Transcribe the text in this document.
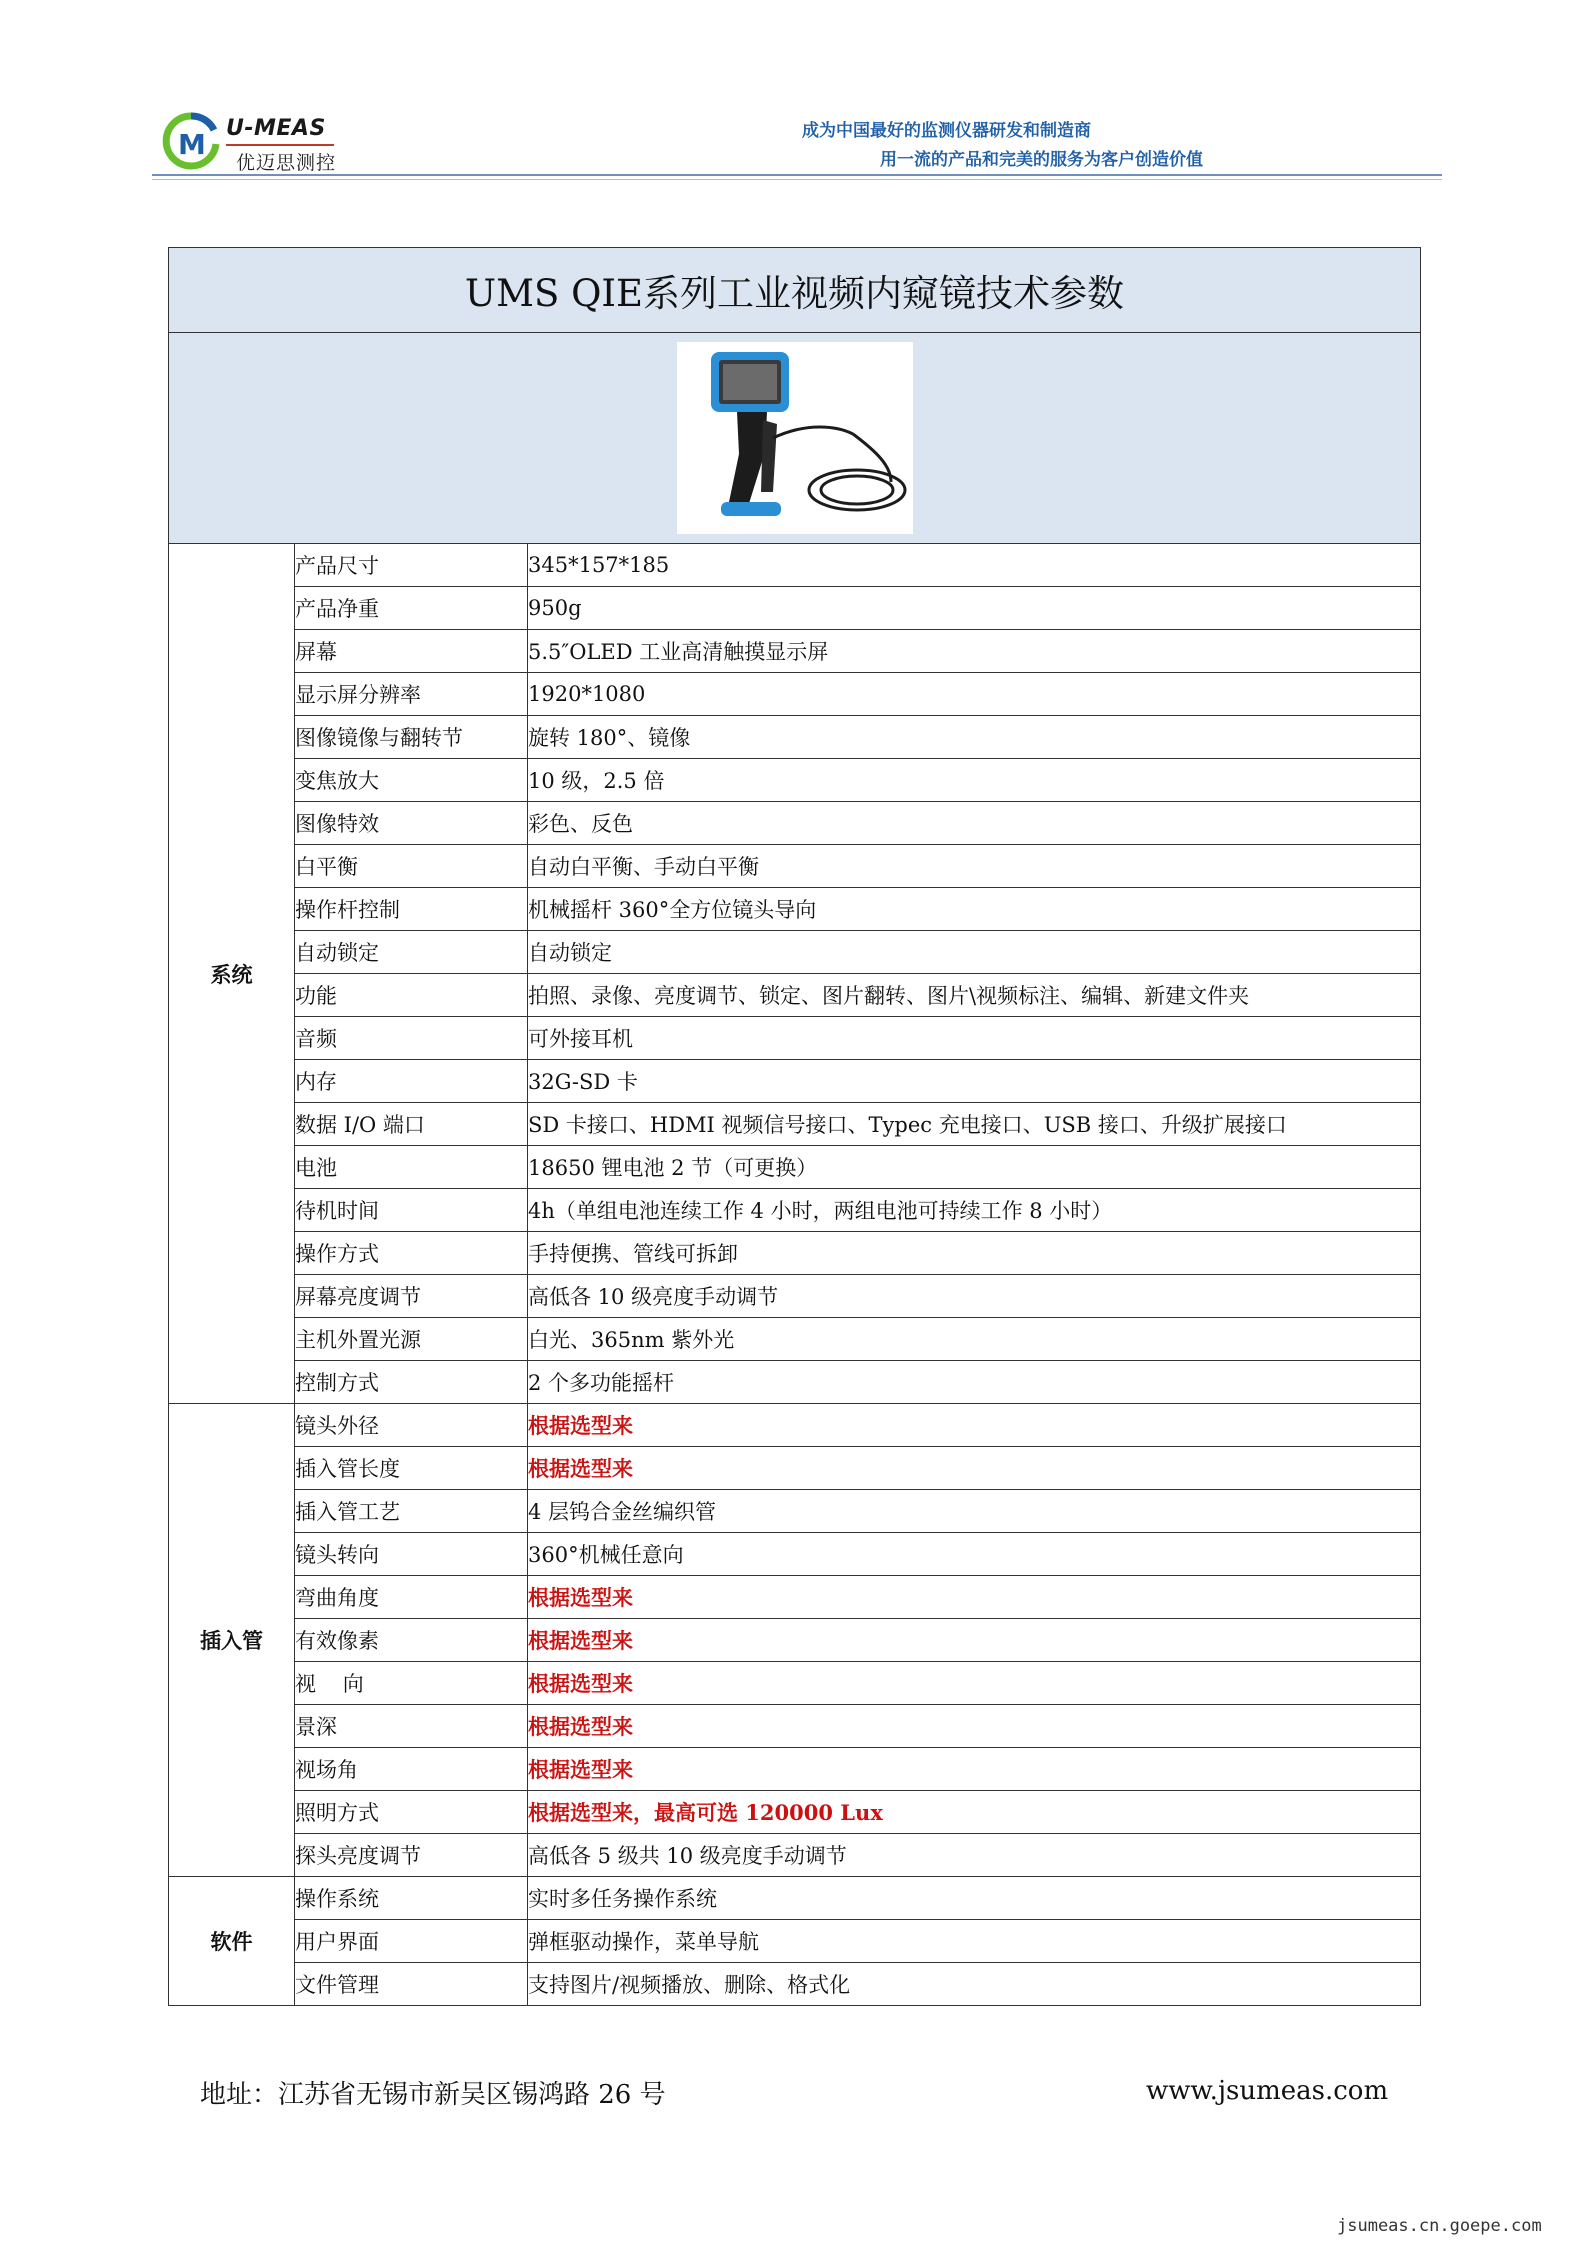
M U-MEAS
优迈思测控
成为中国最好的监测仪器研发和制造商
用一流的产品和完美的服务为客户创造价值
UMS QIE系列工业视频内窥镜技术参数		

系统	产品尺寸	345*157*185
	产品净重	950g
	屏幕	5.5″OLED 工业高清触摸显示屏
	显示屏分辨率	1920*1080
	图像镜像与翻转节	旋转 180°、镜像
	变焦放大	10 级，2.5 倍
	图像特效	彩色、反色
	白平衡	自动白平衡、手动白平衡
	操作杆控制	机械摇杆 360°全方位镜头导向
	自动锁定	自动锁定
	功能	拍照、录像、亮度调节、锁定、图片翻转、图片\视频标注、编辑、新建文件夹
	音频	可外接耳机
	内存	32G-SD 卡
	数据 I/O 端口	SD 卡接口、HDMI 视频信号接口、Typec 充电接口、USB 接口、升级扩展接口
	电池	18650 锂电池 2 节（可更换）
	待机时间	4h（单组电池连续工作 4 小时，两组电池可持续工作 8 小时）
	操作方式	手持便携、管线可拆卸
	屏幕亮度调节	高低各 10 级亮度手动调节
	主机外置光源	白光、365nm 紫外光
	控制方式	2 个多功能摇杆
插入管	镜头外径	根据选型来
	插入管长度	根据选型来
	插入管工艺	4 层钨合金丝编织管
	镜头转向	360°机械任意向
	弯曲角度	根据选型来
	有效像素	根据选型来
	视    向	根据选型来
	景深	根据选型来
	视场角	根据选型来
	照明方式	根据选型来，最高可选 120000 Lux
	探头亮度调节	高低各 5 级共 10 级亮度手动调节
软件	操作系统	实时多任务操作系统
	用户界面	弹框驱动操作，菜单导航
	文件管理	支持图片/视频播放、删除、格式化
地址：江苏省无锡市新吴区锡鸿路 26 号	www.jsumeas.com
jsumeas.cn.goepe.com
